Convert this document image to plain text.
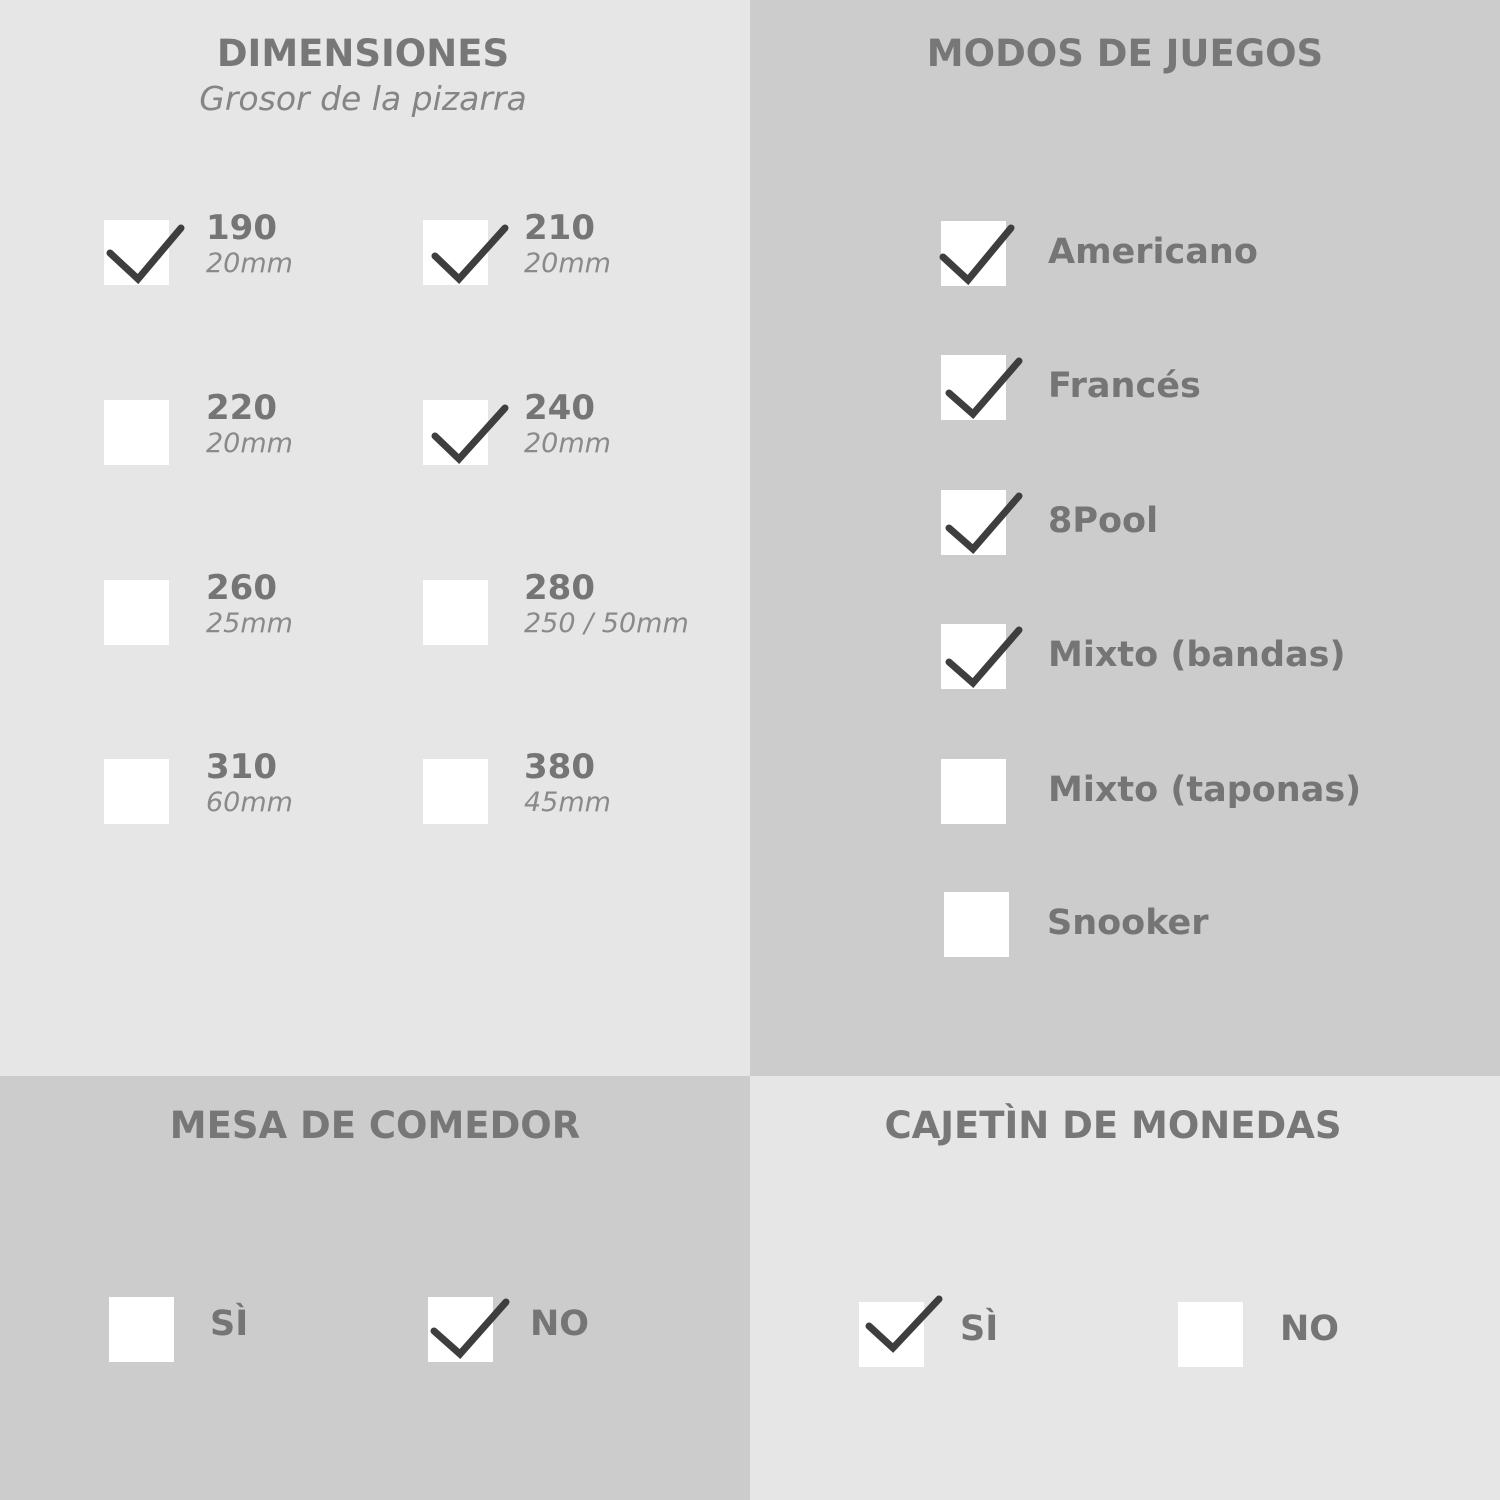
DIMENSIONES
Grosor de la pizarra
190
20mm
210
20mm
220
20mm
240
20mm
260
25mm
280
250 / 50mm
310
60mm
380
45mm
MODOS DE JUEGOS
Americano
Francés
8Pool
Mixto (bandas)
Mixto (taponas)
Snooker
MESA DE COMEDOR
SÌ	NO
CAJETÌN DE MONEDAS
SÌ	NO
